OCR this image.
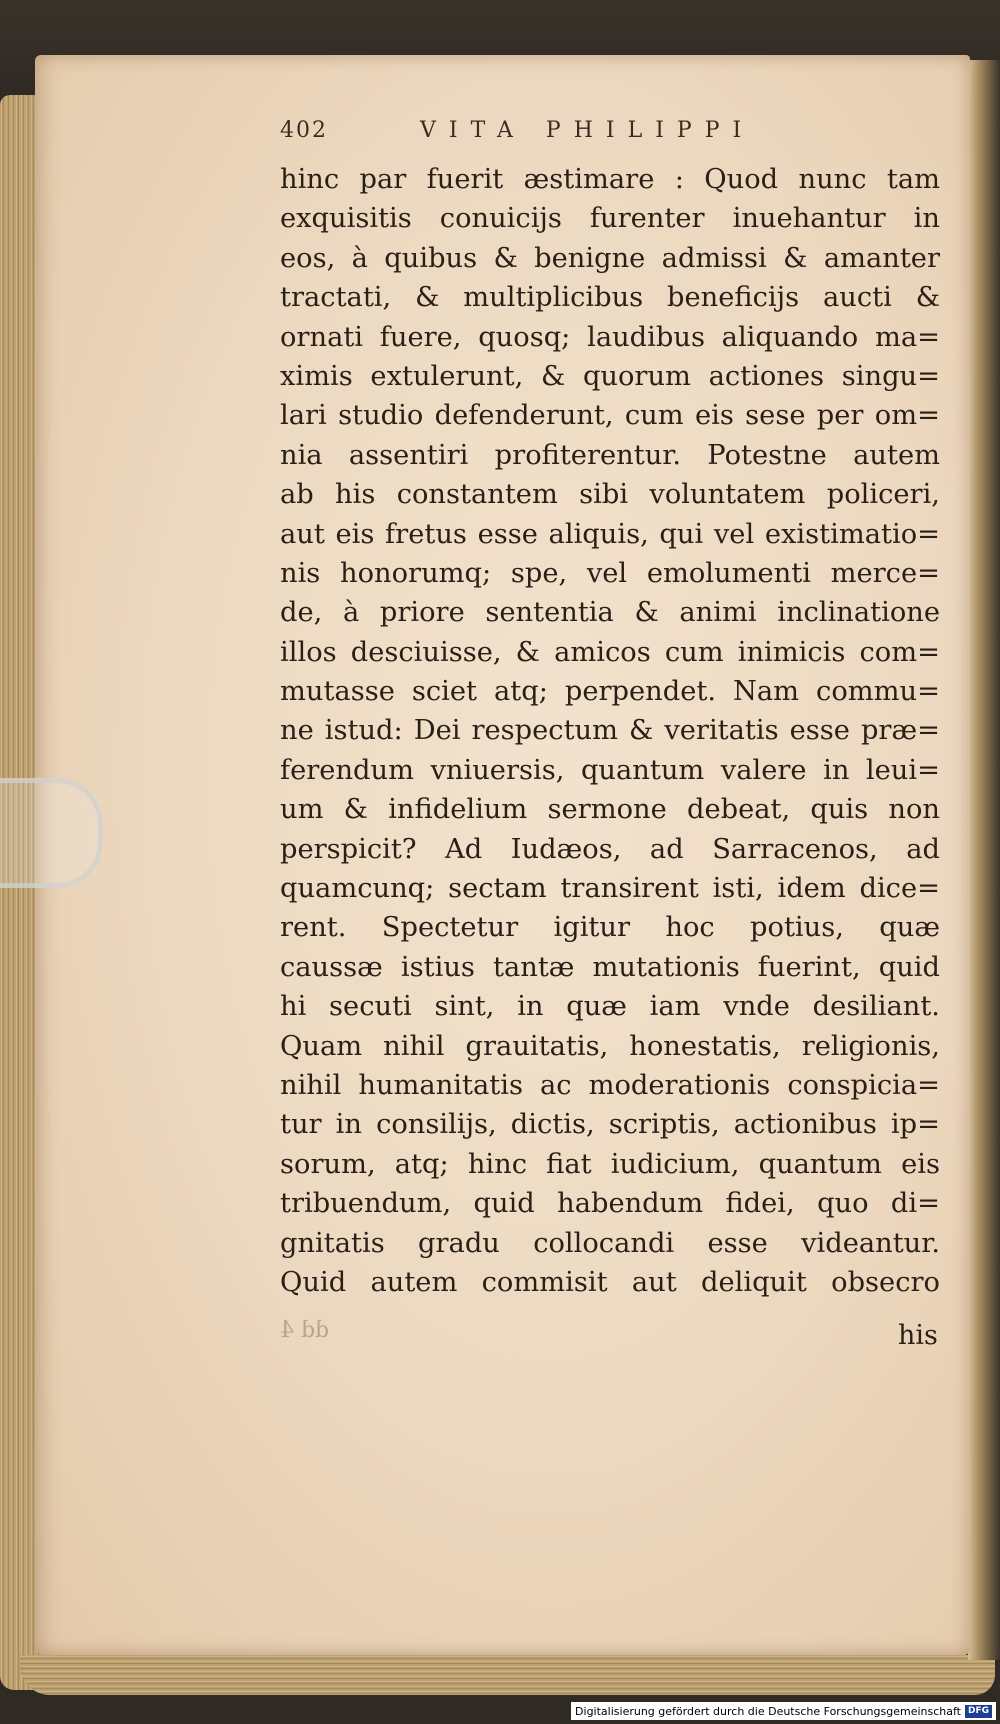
402	VITA PHILIPPI
hinc par fuerit æstimare : Quod nunc tam
exquisitis conuicijs furenter inuehantur in
eos, à quibus & benigne admissi & amanter
tractati, & multiplicibus beneficijs aucti &
ornati fuere, quosq; laudibus aliquando ma=
ximis extulerunt, & quorum actiones singu=
lari studio defenderunt, cum eis sese per om=
nia assentiri profiterentur. Potestne autem
ab his constantem sibi voluntatem policeri,
aut eis fretus esse aliquis, qui vel existimatio=
nis honorumq; spe, vel emolumenti merce=
de, à priore sententia & animi inclinatione
illos desciuisse, & amicos cum inimicis com=
mutasse sciet atq; perpendet. Nam commu=
ne istud: Dei respectum & veritatis esse præ=
ferendum vniuersis, quantum valere in leui=
um & infidelium sermone debeat, quis non
perspicit? Ad Iudæos, ad Sarracenos, ad
quamcunq; sectam transirent isti, idem dice=
rent. Spectetur igitur hoc potius, quæ
caussæ istius tantæ mutationis fuerint, quid
hi secuti sint, in quæ iam vnde desiliant.
Quam nihil grauitatis, honestatis, religionis,
nihil humanitatis ac moderationis conspicia=
tur in consilijs, dictis, scriptis, actionibus ip=
sorum, atq; hinc fiat iudicium, quantum eis
tribuendum, quid habendum fidei, quo di=
gnitatis gradu collocandi esse videantur.
Quid autem commisit aut deliquit obsecro
dd 4	his
Digitalisierung gefördert durch die Deutsche Forschungsgemeinschaft DFG
